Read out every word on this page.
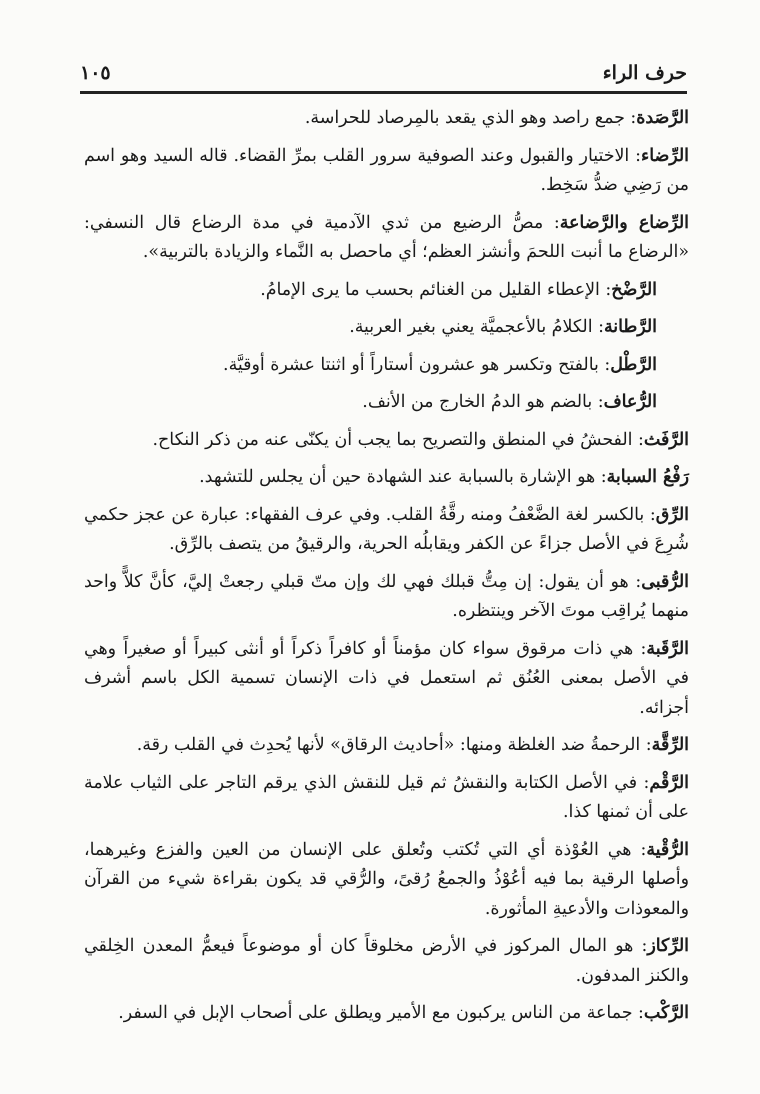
١٠٥	حرف الراء

الرَّصَدة: جمع راصد وهو الذي يقعد بالمِرصاد للحراسة.

الرِّضاء: الاختيار والقبول وعند الصوفية سرور القلب بمرِّ القضاء. قاله السيد وهو اسم من رَضِي ضدُّ سَخِط.

الرِّضاع والرَّضاعة: مصُّ الرضيع من ثدي الآدمية في مدة الرضاع قال النسفي: «الرضاع ما أنبت اللحمَ وأنشز العظم؛ أي ماحصل به النَّماء والزيادة بالتربية».

الرَّضْخ: الإعطاء القليل من الغنائم بحسب ما يرى الإمامُ.

الرَّطانة: الكلامُ بالأعجميَّة يعني بغير العربية.

الرَّطْل: بالفتح وتكسر هو عشرون أستاراً أو اثنتا عشرة أوقيَّة.

الرُّعاف: بالضم هو الدمُ الخارج من الأنف.

الرَّفَث: الفحشُ في المنطق والتصريح بما يجب أن يكنّى عنه من ذكر النكاح.

رَفْعُ السبابة: هو الإشارة بالسبابة عند الشهادة حين أن يجلس للتشهد.

الرِّق: بالكسر لغة الضَّعْفُ ومنه رقَّةُ القلب. وفي عرف الفقهاء: عبارة عن عجز حكمي شُرِعَ في الأصل جزاءً عن الكفر ويقابلُه الحرية، والرقيقُ من يتصف بالرِّق.

الرُّقبى: هو أن يقول: إن مِتُّ قبلك فهي لك وإن متّ قبلي رجعتْ إليَّ، كأنَّ كلاًّ واحد منهما يُراقِب موتَ الآخر وينتظره.

الرَّقَبة: هي ذات مرقوق سواء كان مؤمناً أو كافراً ذكراً أو أنثى كبيراً أو صغيراً وهي في الأصل بمعنى العُنُق ثم استعمل في ذات الإنسان تسمية الكل باسم أشرف أجزائه.

الرِّقَّة: الرحمةُ ضد الغلظة ومنها: «أحاديث الرقاق» لأنها يُحدِث في القلب رقة.

الرَّقْم: في الأصل الكتابة والنقشُ ثم قيل للنقش الذي يرقم التاجر على الثياب علامة على أن ثمنها كذا.

الرُّقْية: هي العُوْذة أي التي تُكتب وتُعلق على الإنسان من العين والفزع وغيرهما، وأصلها الرقية بما فيه أعُوْذُ والجمعُ رُقىً، والرُّقي قد يكون بقراءة شيء من القرآن والمعوذات والأدعيةِ المأثورة.

الرِّكاز: هو المال المركوز في الأرض مخلوقاً كان أو موضوعاً فيعمُّ المعدن الخِلقي والكنز المدفون.

الرَّكْب: جماعة من الناس يركبون مع الأمير ويطلق على أصحاب الإبل في السفر.
